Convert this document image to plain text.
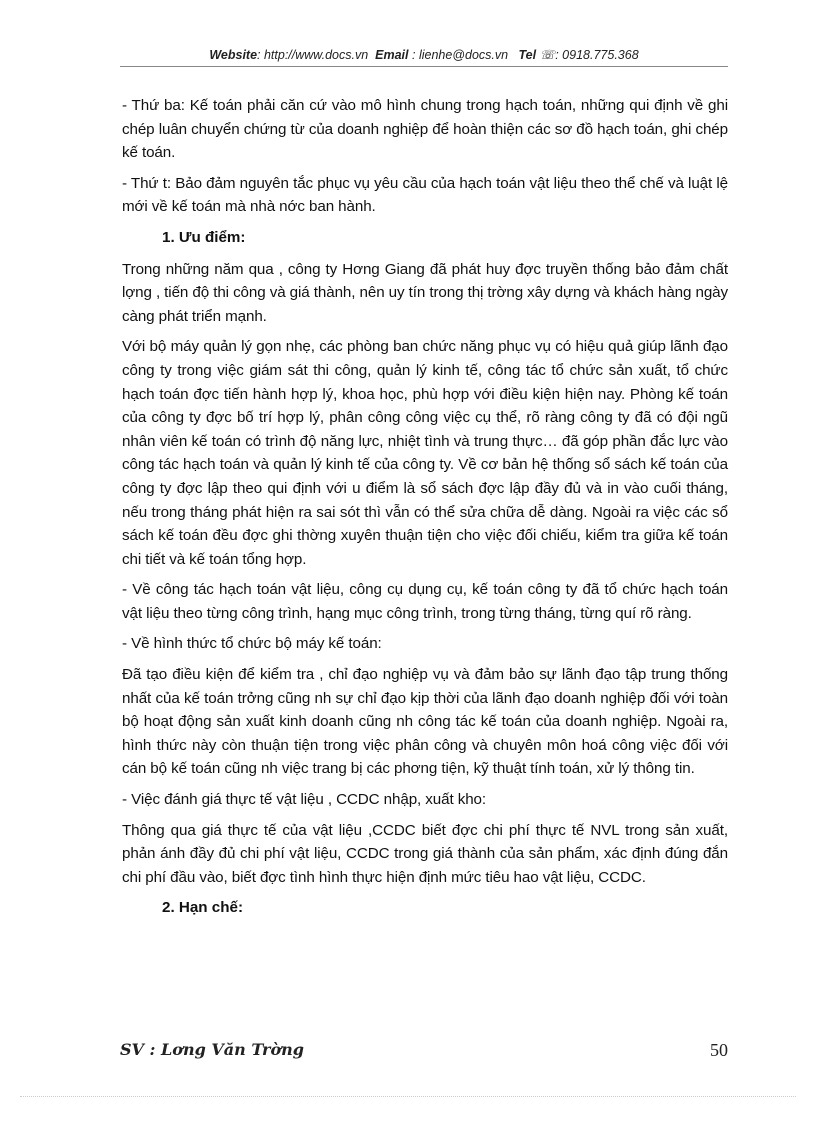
Website: http://www.docs.vn Email : lienhe@docs.vn Tel ☏: 0918.775.368

- Thứ ba: Kế toán phải căn cứ vào mô hình chung trong hạch toán, những qui định về ghi chép luân chuyển chứng từ của doanh nghiệp để hoàn thiện các sơ đồ hạch toán, ghi chép kế toán.

- Thứ t: Bảo đảm nguyên tắc phục vụ yêu cầu của hạch toán vật liệu theo thể chế và luật lệ mới về kế toán mà nhà nớc ban hành.

1. Ưu điểm:

Trong những năm qua , công ty Hơng Giang đã phát huy đợc truyền thống bảo đảm chất lợng , tiến độ thi công và giá thành, nên uy tín trong thị trờng xây dựng và khách hàng ngày càng phát triển mạnh.

Với bộ máy quản lý gọn nhẹ, các phòng ban chức năng phục vụ có hiệu quả giúp lãnh đạo công ty trong việc giám sát thi công, quản lý kinh tế, công tác tổ chức sản xuất, tổ chức hạch toán đợc tiến hành hợp lý, khoa học, phù hợp với điều kiện hiện nay. Phòng kế toán của công ty đợc bố trí hợp lý, phân công công việc cụ thể, rõ ràng công ty đã có đội ngũ nhân viên kế toán có trình độ năng lực, nhiệt tình và trung thực… đã góp phần đắc lực vào công tác hạch toán và quản lý kinh tế của công ty. Về cơ bản hệ thống sổ sách kế toán của công ty đợc lập theo qui định với u điểm là sổ sách đợc lập đầy đủ và in vào cuối tháng, nếu trong tháng phát hiện ra sai sót thì vẫn có thể sửa chữa dễ dàng. Ngoài ra việc các sổ sách kế toán đều đợc ghi thờng xuyên thuận tiện cho việc đối chiếu, kiểm tra giữa kế toán chi tiết và kế toán tổng hợp.

- Về công tác hạch toán vật liệu, công cụ dụng cụ, kế toán công ty đã tổ chức hạch toán vật liệu theo từng công trình, hạng mục công trình, trong từng tháng, từng quí rõ ràng.

- Về hình thức tổ chức bộ máy kế toán:

Đã tạo điều kiện để kiểm tra , chỉ đạo nghiệp vụ và đảm bảo sự lãnh đạo tập trung thống nhất của kế toán trởng cũng nh sự chỉ đạo kịp thời của lãnh đạo doanh nghiệp đối với toàn bộ hoạt động sản xuất kinh doanh cũng nh công tác kế toán của doanh nghiệp. Ngoài ra, hình thức này còn thuận tiện trong việc phân công và chuyên môn hoá công việc đối với cán bộ kế toán cũng nh việc trang bị các phơng tiện, kỹ thuật tính toán, xử lý thông tin.

- Việc đánh giá thực tế vật liệu , CCDC nhập, xuất kho:

Thông qua giá thực tế của vật liệu ,CCDC biết đợc chi phí thực tế NVL trong sản xuất, phản ánh đầy đủ chi phí vật liệu, CCDC trong giá thành của sản phẩm, xác định đúng đắn chi phí đầu vào, biết đợc tình hình thực hiện định mức tiêu hao vật liệu, CCDC.

2. Hạn chế:
SV : Lơng Văn Trờng	50
